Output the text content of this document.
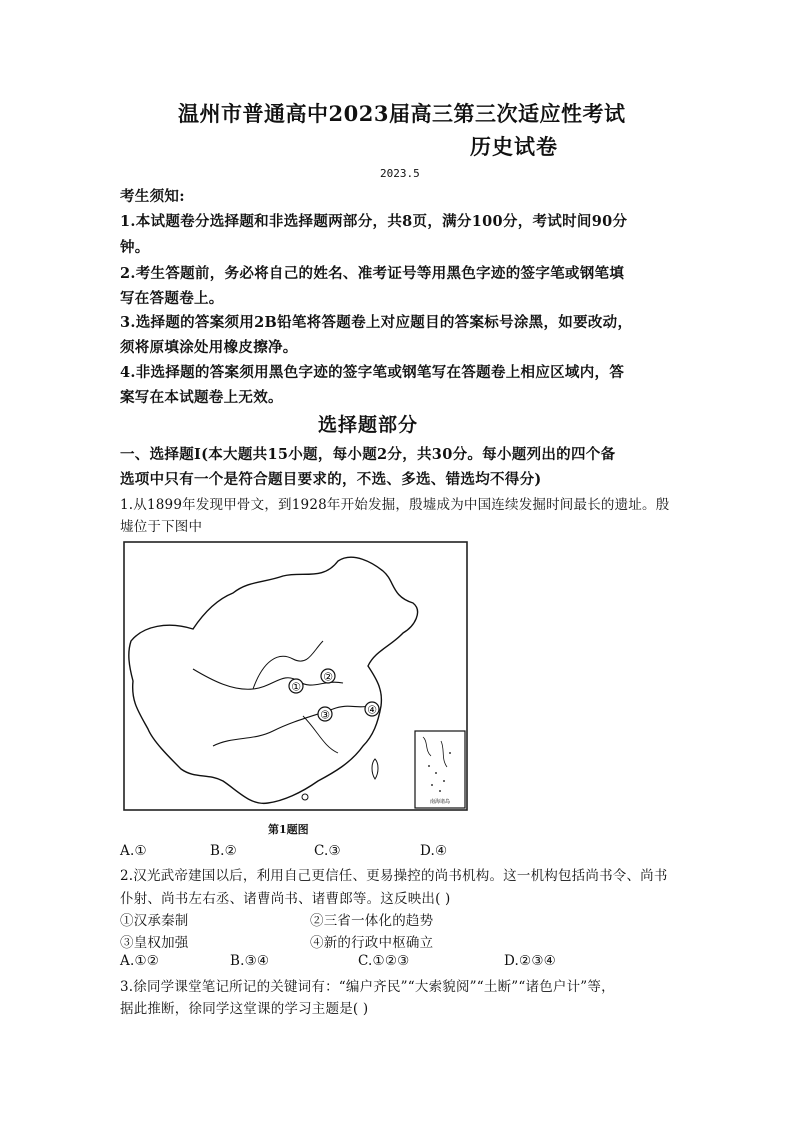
温州市普通高中2023届高三第三次适应性考试
历史试卷
2023.5
考生须知:
1.本试题卷分选择题和非选择题两部分，共8页，满分100分，考试时间90分
钟。
2.考生答题前，务必将自己的姓名、准考证号等用黑色字迹的签字笔或钢笔填
写在答题卷上。
3.选择题的答案须用2B铅笔将答题卷上对应题目的答案标号涂黑，如要改动，
须将原填涂处用橡皮擦净。
4.非选择题的答案须用黑色字迹的签字笔或钢笔写在答题卷上相应区域内，答
案写在本试题卷上无效。
选择题部分
一、选择题Ⅰ(本大题共15小题，每小题2分，共30分。每小题列出的四个备
选项中只有一个是符合题目要求的，不选、多选、错选均不得分)
1.从1899年发现甲骨文，到1928年开始发掘，殷墟成为中国连续发掘时间最长的遗址。殷
墟位于下图中
①
②
③	④
南海诸岛
第1题图
A.①	B.②	C.③	D.④
2.汉光武帝建国以后，利用自己更信任、更易操控的尚书机构。这一机构包括尚书令、尚书
仆射、尚书左右丞、诸曹尚书、诸曹郎等。这反映出( )
①汉承秦制	②三省一体化的趋势
③皇权加强	④新的行政中枢确立
A.①②	B.③④	C.①②③	D.②③④
3.徐同学课堂笔记所记的关键词有：“编户齐民”“大索貌阅”“土断”“诸色户计”等，
据此推断，徐同学这堂课的学习主题是( )
